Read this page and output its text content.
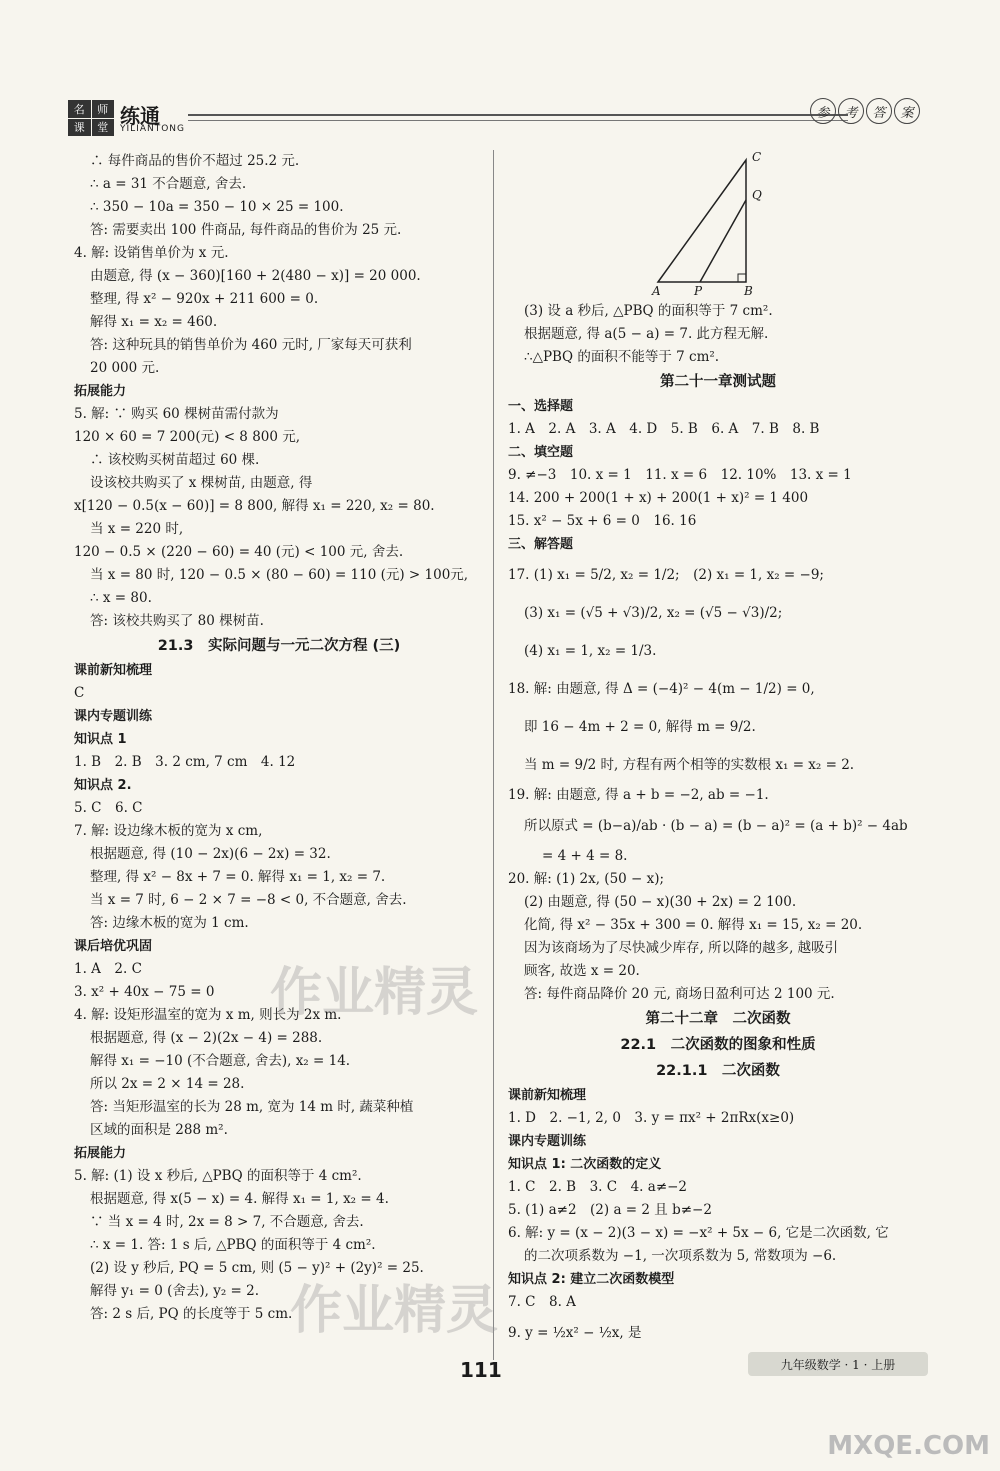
名	师
课	堂 练通
YILIANTONG
参	考	答	案
∴ 每件商品的售价不超过 25.2 元.
∴ a = 31 不合题意, 舍去.
∴ 350 − 10a = 350 − 10 × 25 = 100.
答: 需要卖出 100 件商品, 每件商品的售价为 25 元.
4. 解: 设销售单价为 x 元.
由题意, 得 (x − 360)[160 + 2(480 − x)] = 20 000.
整理, 得 x² − 920x + 211 600 = 0.
解得 x₁ = x₂ = 460.
答: 这种玩具的销售单价为 460 元时, 厂家每天可获利
20 000 元.
拓展能力
5. 解: ∵ 购买 60 棵树苗需付款为
120 × 60 = 7 200(元) < 8 800 元,
∴ 该校购买树苗超过 60 棵.
设该校共购买了 x 棵树苗, 由题意, 得
x[120 − 0.5(x − 60)] = 8 800, 解得 x₁ = 220, x₂ = 80.
当 x = 220 时,
120 − 0.5 × (220 − 60) = 40 (元) < 100 元, 舍去.
当 x = 80 时, 120 − 0.5 × (80 − 60) = 110 (元) > 100元,
∴ x = 80.
答: 该校共购买了 80 棵树苗.
21.3　实际问题与一元二次方程 (三)
课前新知梳理
C
课内专题训练
知识点 1
1. B　2. B　3. 2 cm, 7 cm　4. 12
知识点 2.
5. C　6. C
7. 解: 设边缘木板的宽为 x cm,
根据题意, 得 (10 − 2x)(6 − 2x) = 32.
整理, 得 x² − 8x + 7 = 0. 解得 x₁ = 1, x₂ = 7.
当 x = 7 时, 6 − 2 × 7 = −8 < 0, 不合题意, 舍去.
答: 边缘木板的宽为 1 cm.
课后培优巩固
1. A　2. C
3. x² + 40x − 75 = 0
4. 解: 设矩形温室的宽为 x m, 则长为 2x m.
根据题意, 得 (x − 2)(2x − 4) = 288.
解得 x₁ = −10 (不合题意, 舍去), x₂ = 14.
所以 2x = 2 × 14 = 28.
答: 当矩形温室的长为 28 m, 宽为 14 m 时, 蔬菜种植
区域的面积是 288 m².
拓展能力
5. 解: (1) 设 x 秒后, △PBQ 的面积等于 4 cm².
根据题意, 得 x(5 − x) = 4. 解得 x₁ = 1, x₂ = 4.
∵ 当 x = 4 时, 2x = 8 > 7, 不合题意, 舍去.
∴ x = 1. 答: 1 s 后, △PBQ 的面积等于 4 cm².
(2) 设 y 秒后, PQ = 5 cm, 则 (5 − y)² + (2y)² = 25.
解得 y₁ = 0 (舍去), y₂ = 2.
答: 2 s 后, PQ 的长度等于 5 cm.
C
Q
A	P	B
(3) 设 a 秒后, △PBQ 的面积等于 7 cm².
根据题意, 得 a(5 − a) = 7. 此方程无解.
∴△PBQ 的面积不能等于 7 cm².
第二十一章测试题
一、选择题
1. A　2. A　3. A　4. D　5. B　6. A　7. B　8. B
二、填空题
9. ≠−3　10. x = 1　11. x = 6　12. 10%　13. x = 1
14. 200 + 200(1 + x) + 200(1 + x)² = 1 400
15. x² − 5x + 6 = 0　16. 16
三、解答题
17. (1) x₁ = 5/2, x₂ = 1/2;　(2) x₁ = 1, x₂ = −9;
(3) x₁ = (√5 + √3)/2, x₂ = (√5 − √3)/2;
(4) x₁ = 1, x₂ = 1/3.
18. 解: 由题意, 得 Δ = (−4)² − 4(m − 1/2) = 0,
即 16 − 4m + 2 = 0, 解得 m = 9/2.
当 m = 9/2 时, 方程有两个相等的实数根 x₁ = x₂ = 2.
19. 解: 由题意, 得 a + b = −2, ab = −1.
所以原式 = (b−a)/ab · (b − a) = (b − a)² = (a + b)² − 4ab
= 4 + 4 = 8.
20. 解: (1) 2x, (50 − x);
(2) 由题意, 得 (50 − x)(30 + 2x) = 2 100.
化简, 得 x² − 35x + 300 = 0. 解得 x₁ = 15, x₂ = 20.
因为该商场为了尽快减少库存, 所以降的越多, 越吸引
顾客, 故选 x = 20.
答: 每件商品降价 20 元, 商场日盈利可达 2 100 元.
第二十二章　二次函数
22.1　二次函数的图象和性质
22.1.1　二次函数
课前新知梳理
1. D　2. −1, 2, 0　3. y = πx² + 2πRx(x≥0)
课内专题训练
知识点 1: 二次函数的定义
1. C　2. B　3. C　4. a≠−2
5. (1) a≠2　(2) a = 2 且 b≠−2
6. 解: y = (x − 2)(3 − x) = −x² + 5x − 6, 它是二次函数, 它
的二次项系数为 −1, 一次项系数为 5, 常数项为 −6.
知识点 2: 建立二次函数模型
7. C　8. A
9. y = ½x² − ½x, 是
作业精灵
作业精灵
111	九年级数学 · 1 · 上册
MXQE.COM
